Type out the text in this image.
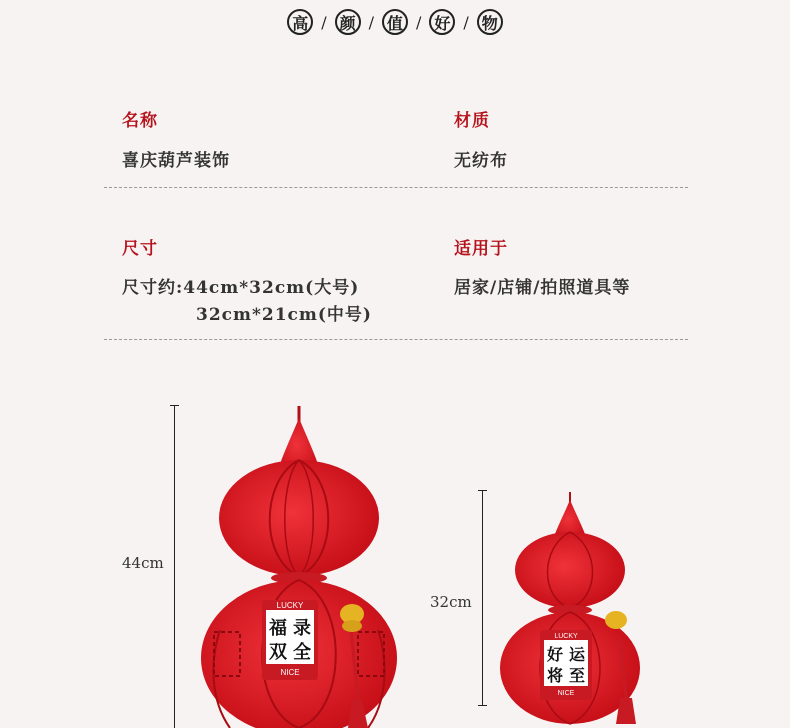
高 / 颜 / 值 / 好 / 物
名称
喜庆葫芦装饰
材质
无纺布
尺寸
尺寸约:44cm*32cm(大号)
32cm*21cm(中号)
适用于
居家/店铺/拍照道具等
44cm
32cm
LUCKY
福 录
双 全
NICE
LUCKY
好 运
将 至
NICE
